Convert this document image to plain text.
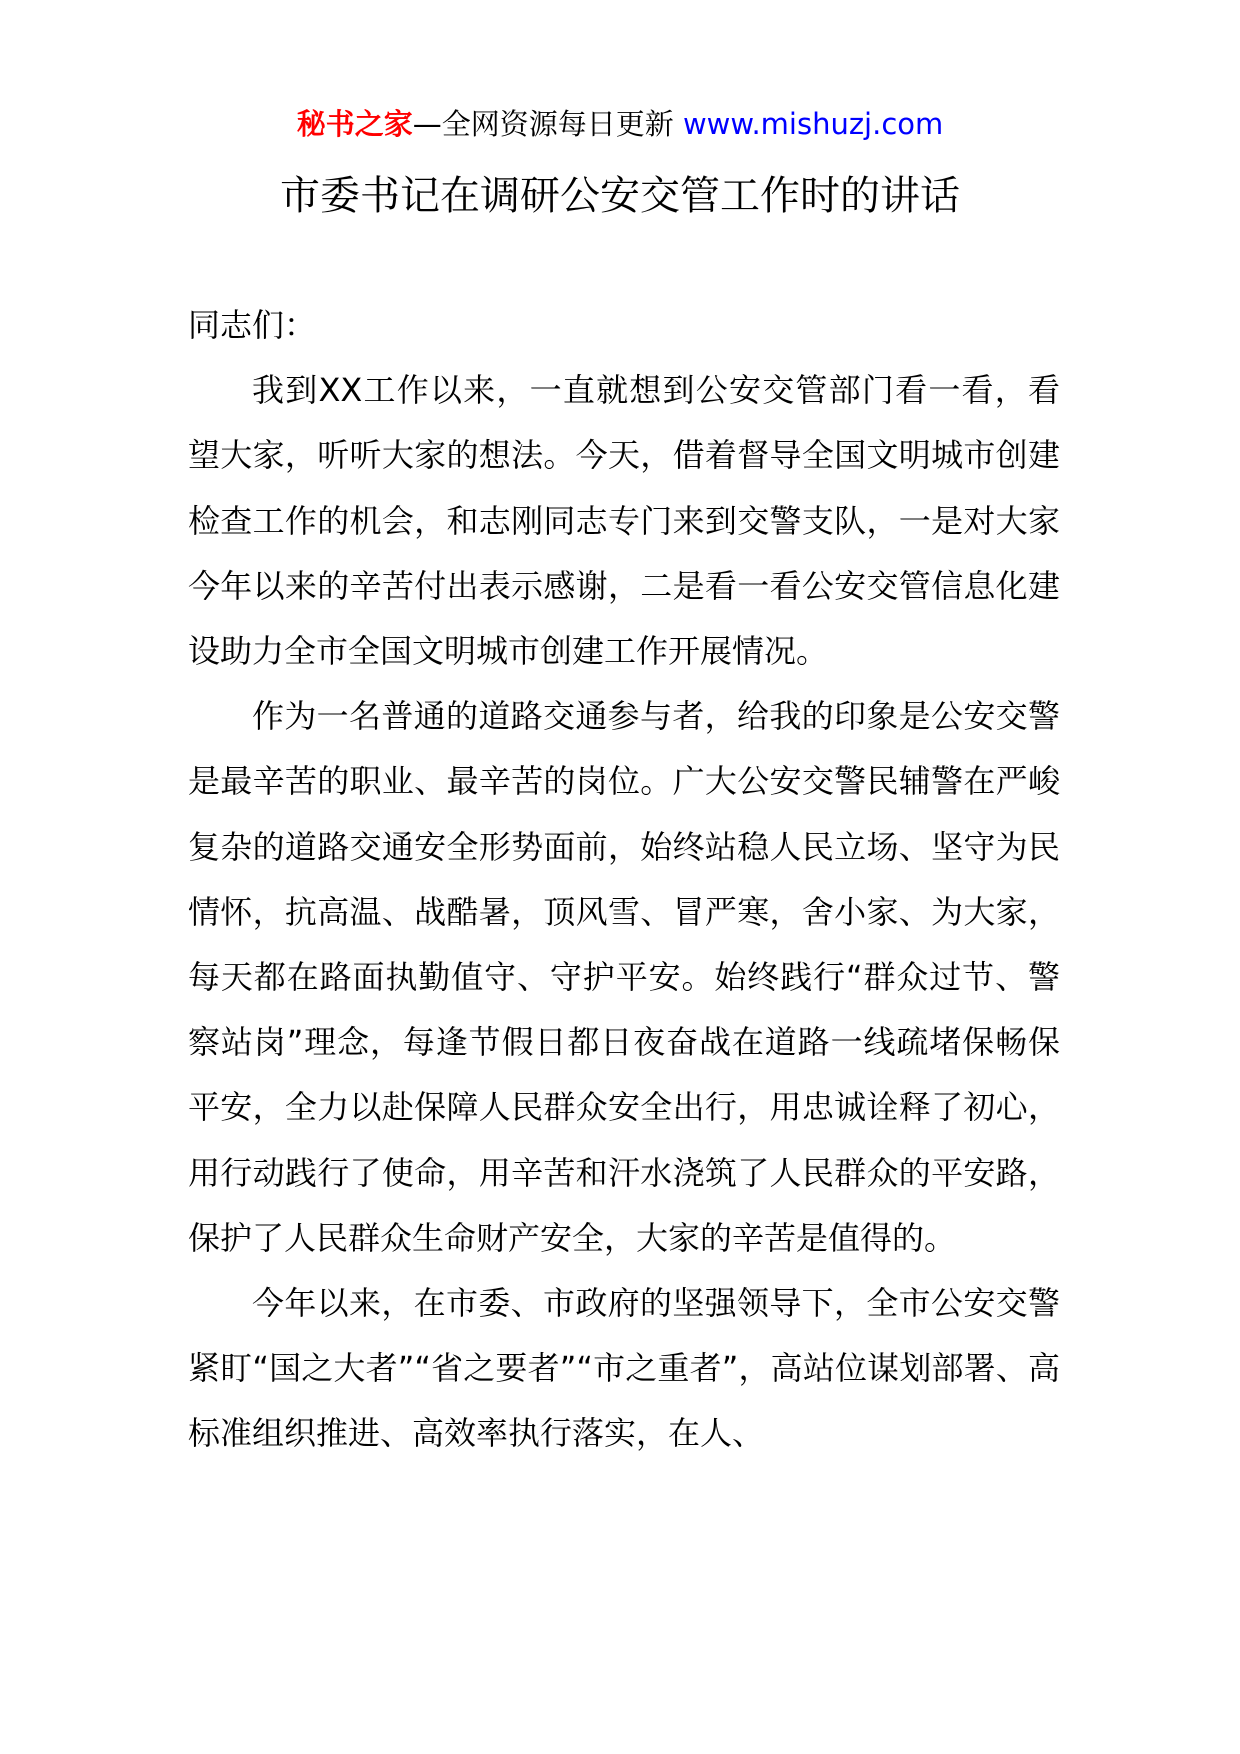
秘书之家—全网资源每日更新 www.mishuzj.com
市委书记在调研公安交管工作时的讲话

同志们：

我到XX工作以来，一直就想到公安交管部门看一看，看望大家，听听大家的想法。今天，借着督导全国文明城市创建检查工作的机会，和志刚同志专门来到交警支队，一是对大家今年以来的辛苦付出表示感谢，二是看一看公安交管信息化建设助力全市全国文明城市创建工作开展情况。

作为一名普通的道路交通参与者，给我的印象是公安交警是最辛苦的职业、最辛苦的岗位。广大公安交警民辅警在严峻复杂的道路交通安全形势面前，始终站稳人民立场、坚守为民情怀，抗高温、战酷暑，顶风雪、冒严寒，舍小家、为大家，每天都在路面执勤值守、守护平安。始终践行“群众过节、警察站岗”理念，每逢节假日都日夜奋战在道路一线疏堵保畅保平安，全力以赴保障人民群众安全出行，用忠诚诠释了初心，用行动践行了使命，用辛苦和汗水浇筑了人民群众的平安路，保护了人民群众生命财产安全，大家的辛苦是值得的。

今年以来，在市委、市政府的坚强领导下，全市公安交警紧盯“国之大者”“省之要者”“市之重者”，高站位谋划部署、高标准组织推进、高效率执行落实，在人、
